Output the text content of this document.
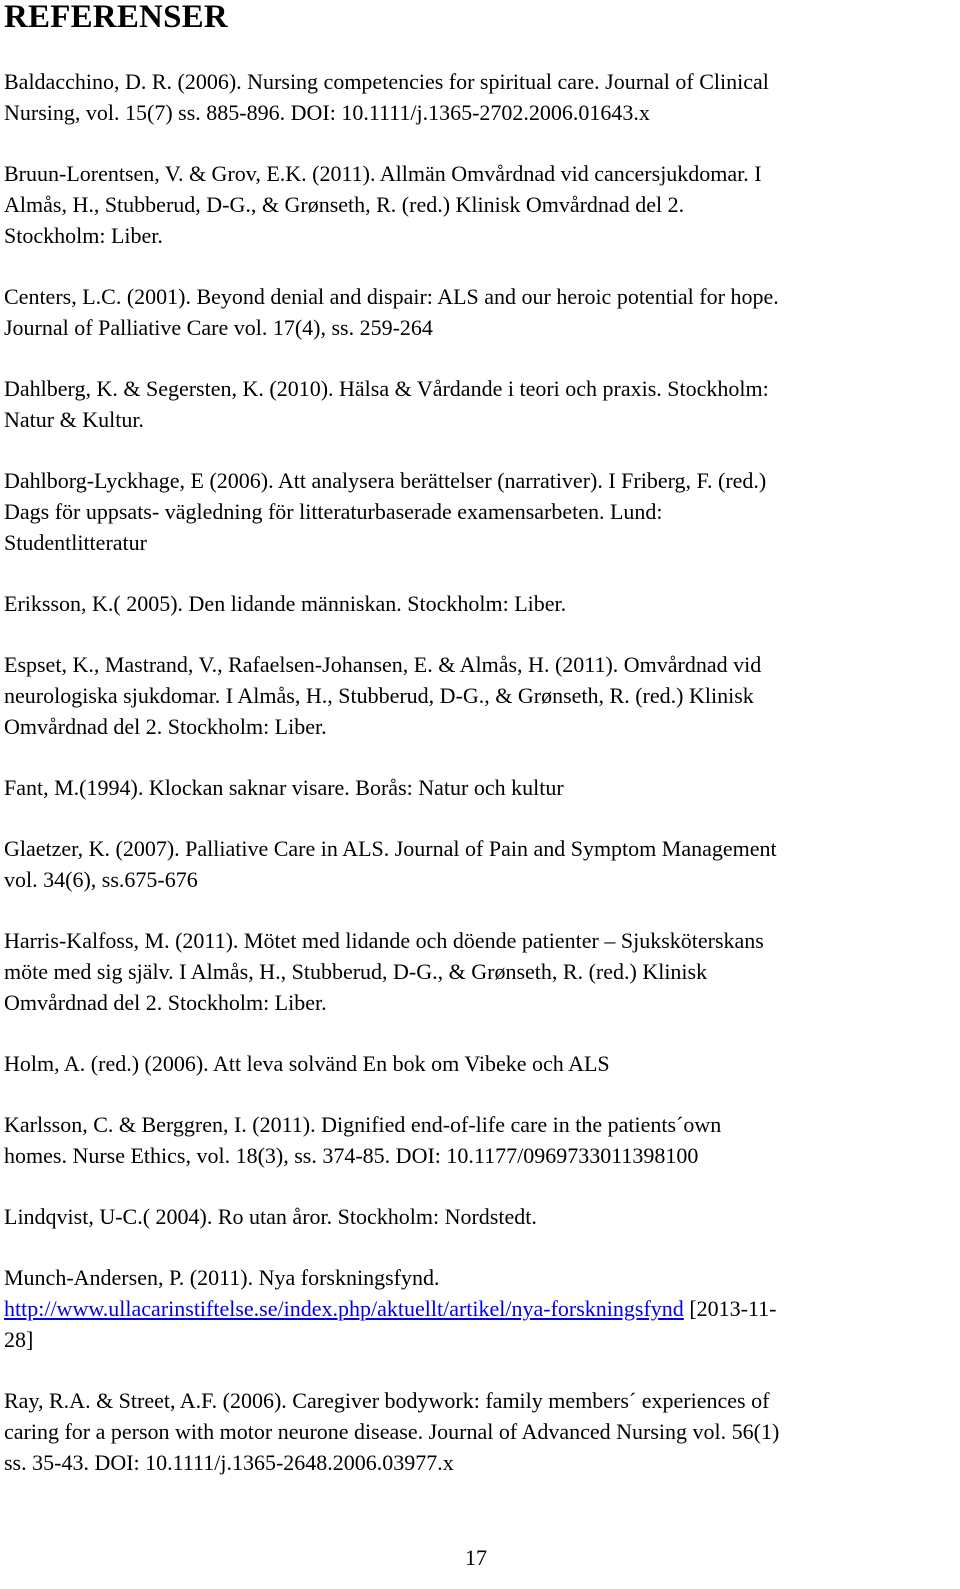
REFERENSER
Baldacchino, D. R. (2006). Nursing competencies for spiritual care. Journal of Clinical
Nursing, vol. 15(7) ss. 885-896. DOI: 10.1111/j.1365-2702.2006.01643.x
Bruun-Lorentsen, V. & Grov, E.K. (2011). Allmän Omvårdnad vid cancersjukdomar. I
Almås, H., Stubberud, D-G., & Grønseth, R. (red.) Klinisk Omvårdnad del 2.
Stockholm: Liber.
Centers, L.C. (2001). Beyond denial and dispair: ALS and our heroic potential for hope.
Journal of Palliative Care vol. 17(4), ss. 259-264
Dahlberg, K. & Segersten, K. (2010). Hälsa & Vårdande i teori och praxis. Stockholm:
Natur & Kultur.
Dahlborg-Lyckhage, E (2006). Att analysera berättelser (narrativer). I Friberg, F. (red.)
Dags för uppsats- vägledning för litteraturbaserade examensarbeten. Lund:
Studentlitteratur
Eriksson, K.( 2005). Den lidande människan. Stockholm: Liber.
Espset, K., Mastrand, V., Rafaelsen-Johansen, E. & Almås, H. (2011). Omvårdnad vid
neurologiska sjukdomar. I Almås, H., Stubberud, D-G., & Grønseth, R. (red.) Klinisk
Omvårdnad del 2. Stockholm: Liber.
Fant, M.(1994). Klockan saknar visare. Borås: Natur och kultur
Glaetzer, K. (2007). Palliative Care in ALS. Journal of Pain and Symptom Management
vol. 34(6), ss.675-676
Harris-Kalfoss, M. (2011). Mötet med lidande och döende patienter – Sjuksköterskans
möte med sig själv. I Almås, H., Stubberud, D-G., & Grønseth, R. (red.) Klinisk
Omvårdnad del 2. Stockholm: Liber.
Holm, A. (red.) (2006). Att leva solvänd En bok om Vibeke och ALS
Karlsson, C. & Berggren, I. (2011). Dignified end-of-life care in the patients´own
homes. Nurse Ethics, vol. 18(3), ss. 374-85. DOI: 10.1177/0969733011398100
Lindqvist, U-C.( 2004). Ro utan åror. Stockholm: Nordstedt.
Munch-Andersen, P. (2011). Nya forskningsfynd.
http://www.ullacarinstiftelse.se/index.php/aktuellt/artikel/nya-forskningsfynd [2013-11-
28]
Ray, R.A. & Street, A.F. (2006). Caregiver bodywork: family members´ experiences of
caring for a person with motor neurone disease. Journal of Advanced Nursing vol. 56(1)
ss. 35-43. DOI: 10.1111/j.1365-2648.2006.03977.x
17
